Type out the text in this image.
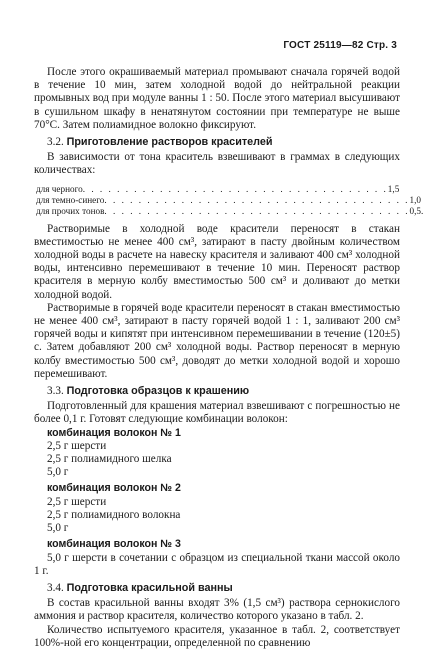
ГОСТ 25119—82 Стр. 3

После этого окрашиваемый материал промывают сначала горячей водой в течение 10 мин, затем холодной водой до нейтральной реакции промывных вод при модуле ванны 1 : 50. После этого материал высушивают в сушильном шкафу в ненатянутом состоянии при температуре не выше 70°С. Затем полиамидное волокно фиксируют.

3.2. Приготовление растворов красителей

В зависимости от тона краситель взвешивают в граммах в следующих количествах:

для черного . . . . . . . . . . . . . . . . . . . . . . . . . . . . . . . . . . . . 1,5
для темно-синего . . . . . . . . . . . . . . . . . . . . . . . . . . . . . . . . . . . . 1,0
для прочих тонов . . . . . . . . . . . . . . . . . . . . . . . . . . . . . . . . . . . . 0,5.

Растворимые в холодной воде красители переносят в стакан вместимостью не менее 400 см³, затирают в пасту двойным количеством холодной воды в расчете на навеску красителя и заливают 400 см³ холодной воды, интенсивно перемешивают в течение 10 мин. Переносят раствор красителя в мерную колбу вместимостью 500 см³ и доливают до метки холодной водой.

Растворимые в горячей воде красители переносят в стакан вместимостью не менее 400 см³, затирают в пасту горячей водой 1 : 1, заливают 200 см³ горячей воды и кипятят при интенсивном перемешивании в течение (120±5) с. Затем добавляют 200 см³ холодной воды. Раствор переносят в мерную колбу вместимостью 500 см³, доводят до метки холодной водой и хорошо перемешивают.

3.3. Подготовка образцов к крашению

Подготовленный для крашения материал взвешивают с погрешностью не более 0,1 г. Готовят следующие комбинации волокон:

комбинация волокон № 1

2,5 г шерсти

2,5 г полиамидного шелка

5,0 г

комбинация волокон № 2

2,5 г шерсти

2,5 г полиамидного волокна

5,0 г

комбинация волокон № 3

5,0 г шерсти в сочетании с образцом из специальной ткани массой около 1 г.

3.4. Подготовка красильной ванны

В состав красильной ванны входят 3% (1,5 см³) раствора сернокислого аммония и раствор красителя, количество которого указано в табл. 2.

Количество испытуемого красителя, указанное в табл. 2, соответствует 100%-ной его концентрации, определенной по сравнению
